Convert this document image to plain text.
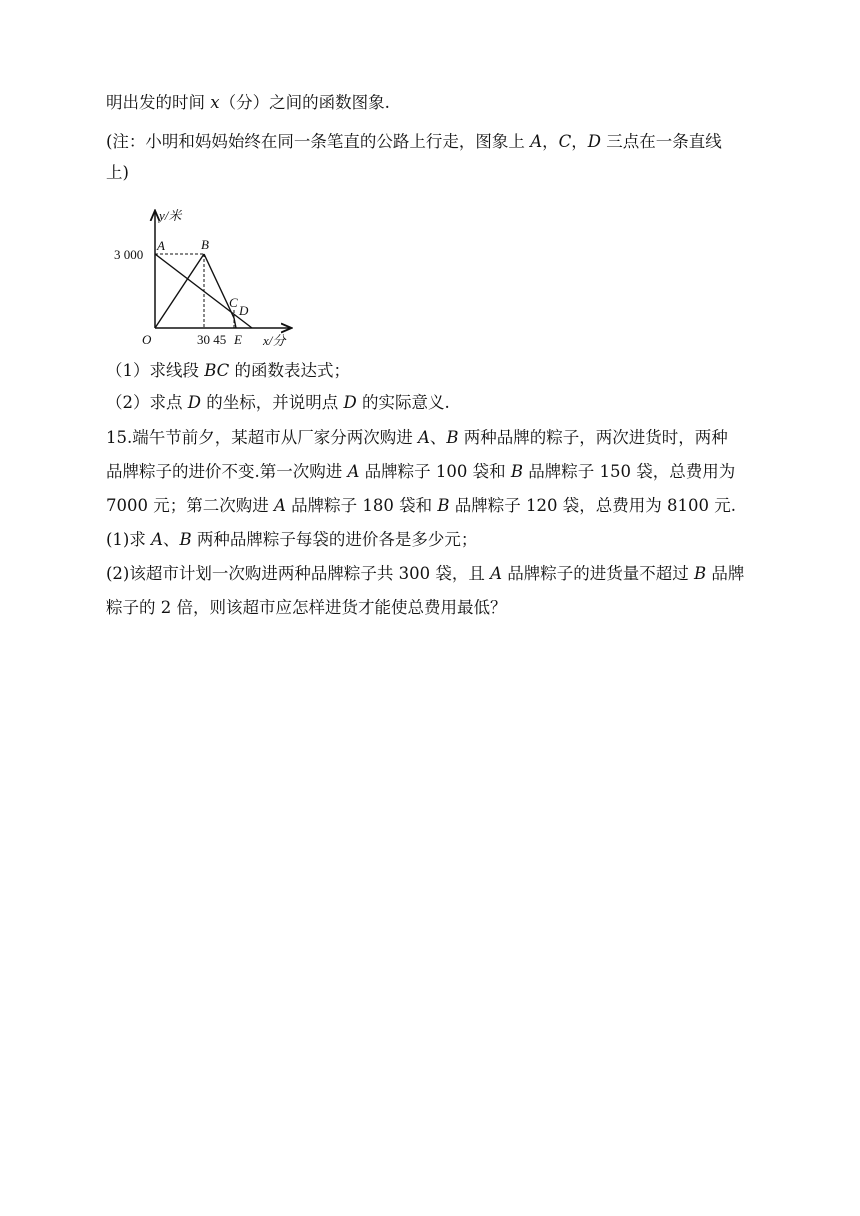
明出发的时间 x（分）之间的函数图象.
(注：小明和妈妈始终在同一条笔直的公路上行走，图象上 A，C，D 三点在一条直线
上)
（1）求线段 BC 的函数表达式；
（2）求点 D 的坐标，并说明点 D 的实际意义.
15.端午节前夕，某超市从厂家分两次购进 A、B 两种品牌的粽子，两次进货时，两种
品牌粽子的进价不变.第一次购进 A 品牌粽子 100 袋和 B 品牌粽子 150 袋，总费用为
7000 元；第二次购进 A 品牌粽子 180 袋和 B 品牌粽子 120 袋，总费用为 8100 元.
(1)求 A、B 两种品牌粽子每袋的进价各是多少元；
(2)该超市计划一次购进两种品牌粽子共 300 袋，且 A 品牌粽子的进货量不超过 B 品牌
粽子的 2 倍，则该超市应怎样进货才能使总费用最低？
y/米
x/分
3 000
30 45
O
A	B
C
D
E
